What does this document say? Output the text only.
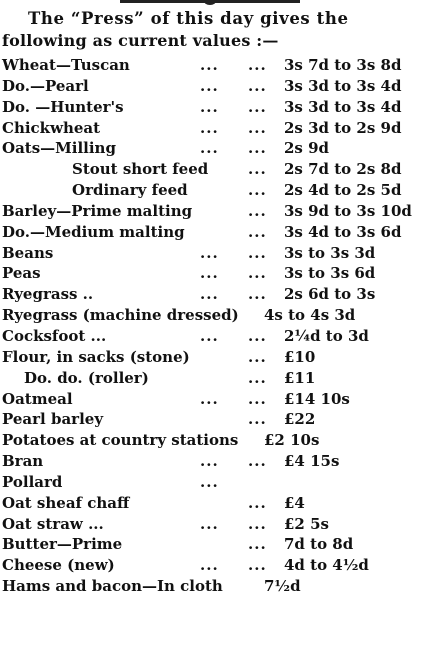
The “Press” of this day gives the
following as current values :—
Wheat—Tuscan	... ... 3s 7d to 3s 8d
Do.—Pearl	... ... 3s 3d to 3s 4d
Do. —Hunter's	... ... 3s 3d to 3s 4d
Chickwheat	... ... 2s 3d to 2s 9d
Oats—Milling	... ... 2s 9d
Stout short feed	... 2s 7d to 2s 8d
Ordinary feed	... 2s 4d to 2s 5d
Barley—Prime malting	... 3s 9d to 3s 10d
Do.—Medium malting	... 3s 4d to 3s 6d
Beans	... ... 3s to 3s 3d
Peas	... ... 3s to 3s 6d
Ryegrass ..	... ... 2s 6d to 3s
Ryegrass (machine dressed) 4s to 4s 3d
Cocksfoot ...	... ... 2¼d to 3d
Flour, in sacks (stone)	... £10
Do. do. (roller)	... £11
Oatmeal	... ... £14 10s
Pearl barley	... £22
Potatoes at country stations £2 10s
Bran	... ... £4 15s
Pollard	...
Oat sheaf chaff	... £4
Oat straw ...	... ... £2 5s
Butter—Prime	... 7d to 8d
Cheese (new)	... ... 4d to 4½d
Hams and bacon—In cloth	7½d
